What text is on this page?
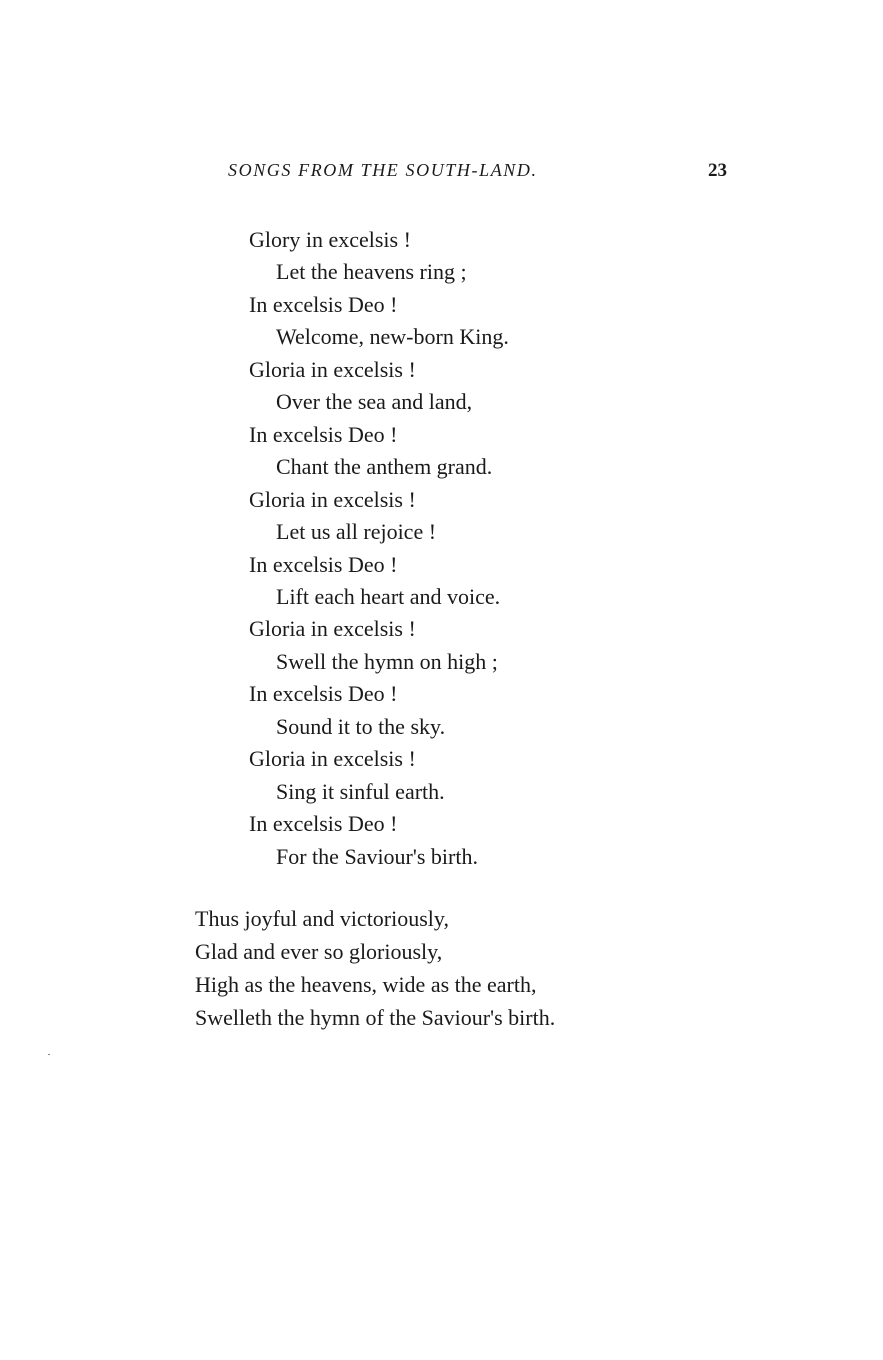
SONGS FROM THE SOUTH-LAND.	23
Glory in excelsis !
Let the heavens ring ;
In excelsis Deo !
Welcome, new-born King.
Gloria in excelsis !
Over the sea and land,
In excelsis Deo !
Chant the anthem grand.
Gloria in excelsis !
Let us all rejoice !
In excelsis Deo !
Lift each heart and voice.
Gloria in excelsis !
Swell the hymn on high ;
In excelsis Deo !
Sound it to the sky.
Gloria in excelsis !
Sing it sinful earth.
In excelsis Deo !
For the Saviour's birth.
Thus joyful and victoriously,
Glad and ever so gloriously,
High as the heavens, wide as the earth,
Swelleth the hymn of the Saviour's birth.
